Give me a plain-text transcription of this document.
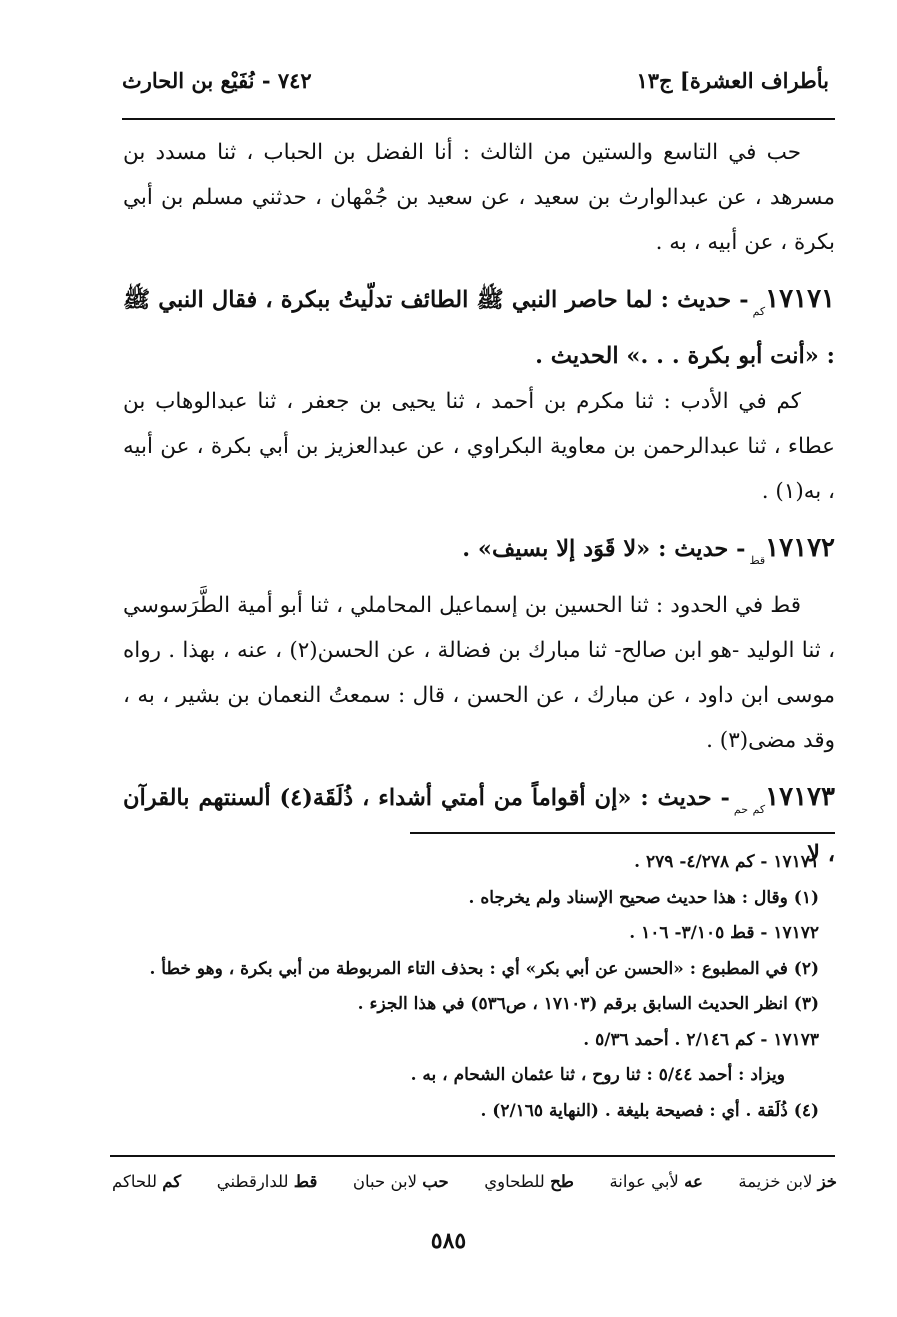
بأطراف العشرة] ج١٣
٧٤٢ - نُفَيْع بن الحارث

حب في التاسع والستين من الثالث : أنا الفضل بن الحباب ، ثنا مسدد بن مسرهد ، عن عبدالوارث بن سعيد ، عن سعيد بن جُمْهان ، حدثني مسلم بن أبي بكرة ، عن أبيه ، به .

$١٧١٧١_{كم}-$ حديث : لما حاصر النبي ﷺ الطائف تدلّيتُ ببكرة ، فقال النبي ﷺ : «أنت أبو بكرة . . .» الحديث .

كم في الأدب : ثنا مكرم بن أحمد ، ثنا يحيى بن جعفر ، ثنا عبدالوهاب بن عطاء ، ثنا عبدالرحمن بن معاوية البكراوي ، عن عبدالعزيز بن أبي بكرة ، عن أبيه ، به(١) .

$١٧١٧٢_{قط}-$ حديث : «لا قَوَد إلا بسيف» .

قط في الحدود : ثنا الحسين بن إسماعيل المحاملي ، ثنا أبو أمية الطَّرَسوسي ، ثنا الوليد -هو ابن صالح- ثنا مبارك بن فضالة ، عن الحسن(٢) ، عنه ، بهذا . رواه موسى ابن داود ، عن مبارك ، عن الحسن ، قال : سمعتُ النعمان بن بشير ، به ، وقد مضى(٣) .

$١٧١٧٣_{كم حم}-$ حديث : «إن أقواماً من أمتي أشداء ، ذُلَقَة(٤) ألسنتهم بالقرآن ، لا

١٧١٧١ - كم ٤/٢٧٨- ٢٧٩ .
(١) وقال : هذا حديث صحيح الإسناد ولم يخرجاه .
١٧١٧٢ - قط ٣/١٠٥- ١٠٦ .
(٢) في المطبوع : «الحسن عن أبي بكر» أي : بحذف التاء المربوطة من أبي بكرة ، وهو خطأ .
(٣) انظر الحديث السابق برقم (١٧١٠٣ ، ص٥٣٦) في هذا الجزء .
١٧١٧٣ - كم ٢/١٤٦ . أحمد ٥/٣٦ .
ويزاد : أحمد ٥/٤٤ : ثنا روح ، ثنا عثمان الشحام ، به .
(٤) ذُلَقة . أي : فصيحة بليغة . (النهاية ٢/١٦٥) .
خز لابن خزيمة
عه لأبي عوانة
طح للطحاوي
حب لابن حبان
قط للدارقطني
كم للحاكم
٥٨٥
